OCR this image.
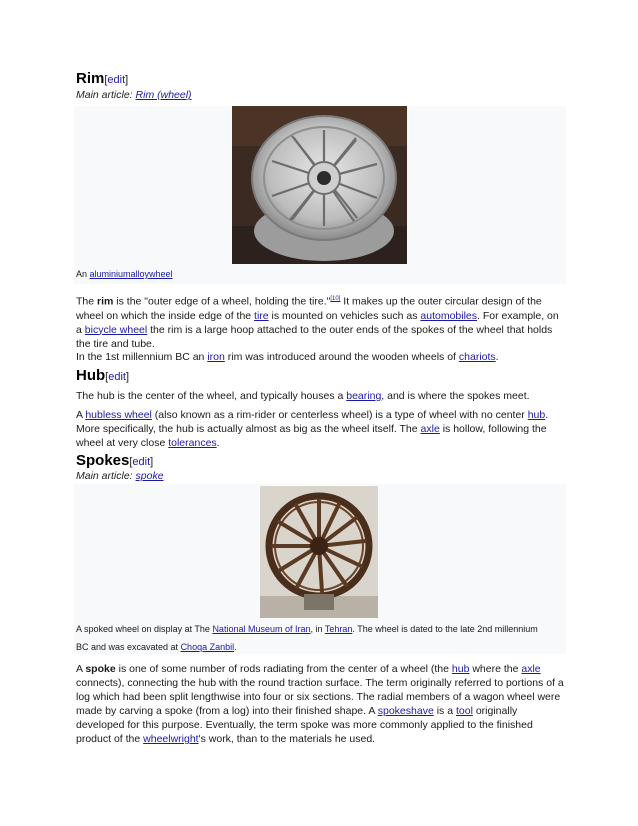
Rim[edit]
Main article: Rim (wheel)
An aluminiumalloywheel
The rim is the "outer edge of a wheel, holding the tire."[10] It makes up the outer circular design of the wheel on which the inside edge of the tire is mounted on vehicles such as automobiles. For example, on a bicycle wheel the rim is a large hoop attached to the outer ends of the spokes of the wheel that holds the tire and tube.
In the 1st millennium BC an iron rim was introduced around the wooden wheels of chariots.
Hub[edit]
The hub is the center of the wheel, and typically houses a bearing, and is where the spokes meet.
A hubless wheel (also known as a rim-rider or centerless wheel) is a type of wheel with no center hub. More specifically, the hub is actually almost as big as the wheel itself. The axle is hollow, following the wheel at very close tolerances.
Spokes[edit]
Main article: spoke
A spoked wheel on display at The National Museum of Iran, in Tehran. The wheel is dated to the late 2nd millennium
BC and was excavated at Choqa Zanbil.
A spoke is one of some number of rods radiating from the center of a wheel (the hub where the axle connects), connecting the hub with the round traction surface. The term originally referred to portions of a log which had been split lengthwise into four or six sections. The radial members of a wagon wheel were made by carving a spoke (from a log) into their finished shape. A spokeshave is a tool originally developed for this purpose. Eventually, the term spoke was more commonly applied to the finished product of the wheelwright's work, than to the materials he used.
